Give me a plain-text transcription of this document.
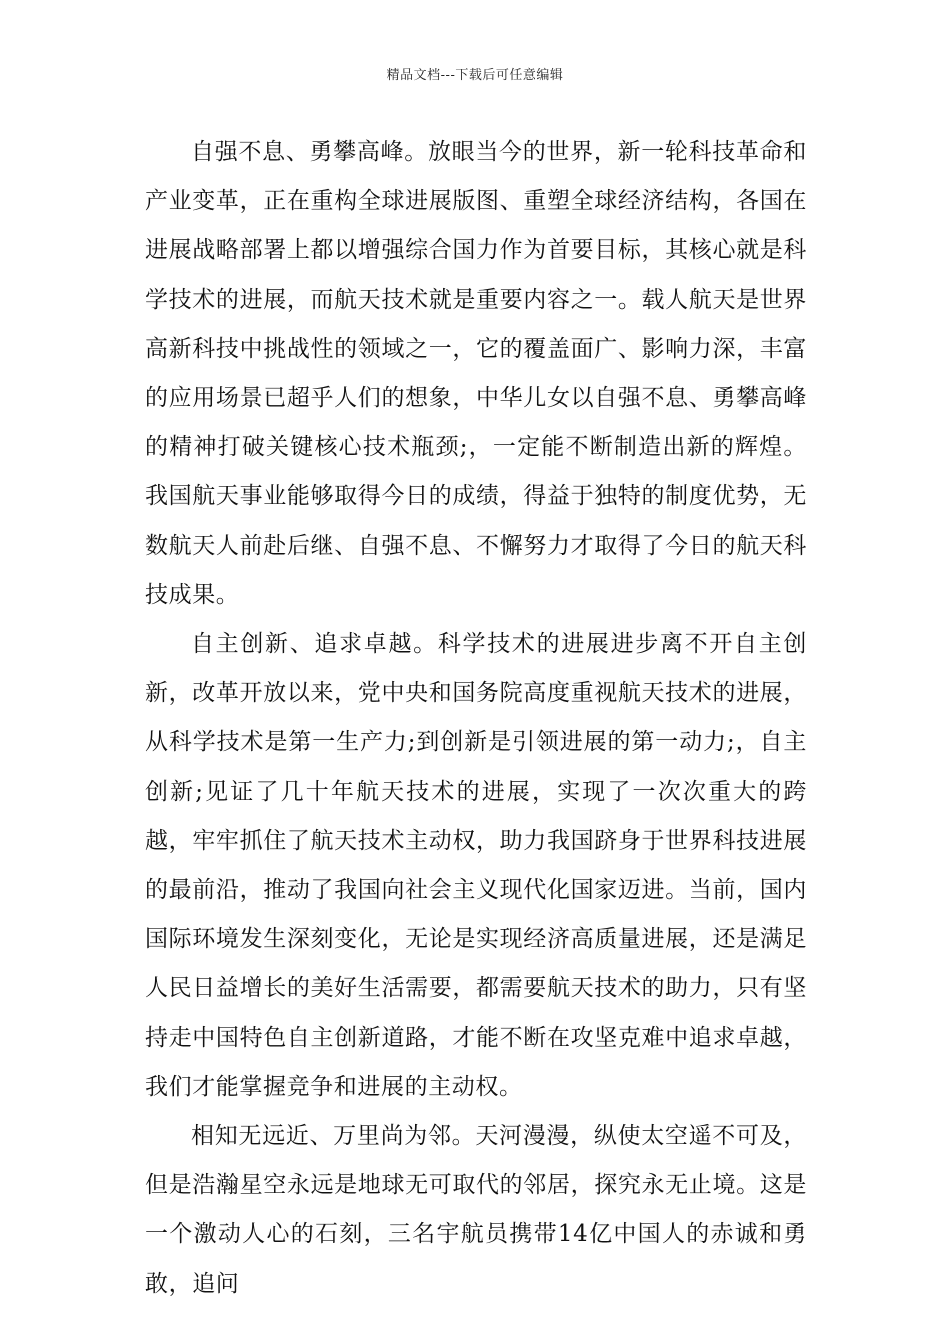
精品文档---下载后可任意编辑

自强不息、勇攀高峰。放眼当今的世界，新一轮科技革命和产业变革，正在重构全球进展版图、重塑全球经济结构，各国在进展战略部署上都以增强综合国力作为首要目标，其核心就是科学技术的进展，而航天技术就是重要内容之一。载人航天是世界高新科技中挑战性的领域之一，它的覆盖面广、影响力深，丰富的应用场景已超乎人们的想象，中华儿女以自强不息、勇攀高峰的精神打破关键核心技术瓶颈;，一定能不断制造出新的辉煌。我国航天事业能够取得今日的成绩，得益于独特的制度优势，无数航天人前赴后继、自强不息、不懈努力才取得了今日的航天科技成果。

自主创新、追求卓越。科学技术的进展进步离不开自主创新，改革开放以来，党中央和国务院高度重视航天技术的进展，从科学技术是第一生产力;到创新是引领进展的第一动力;，自主创新;见证了几十年航天技术的进展，实现了一次次重大的跨越，牢牢抓住了航天技术主动权，助力我国跻身于世界科技进展的最前沿，推动了我国向社会主义现代化国家迈进。当前，国内国际环境发生深刻变化，无论是实现经济高质量进展，还是满足人民日益增长的美好生活需要，都需要航天技术的助力，只有坚持走中国特色自主创新道路，才能不断在攻坚克难中追求卓越，我们才能掌握竞争和进展的主动权。

相知无远近、万里尚为邻。天河漫漫，纵使太空遥不可及，但是浩瀚星空永远是地球无可取代的邻居，探究永无止境。这是一个激动人心的石刻，三名宇航员携带14亿中国人的赤诚和勇敢，追问
